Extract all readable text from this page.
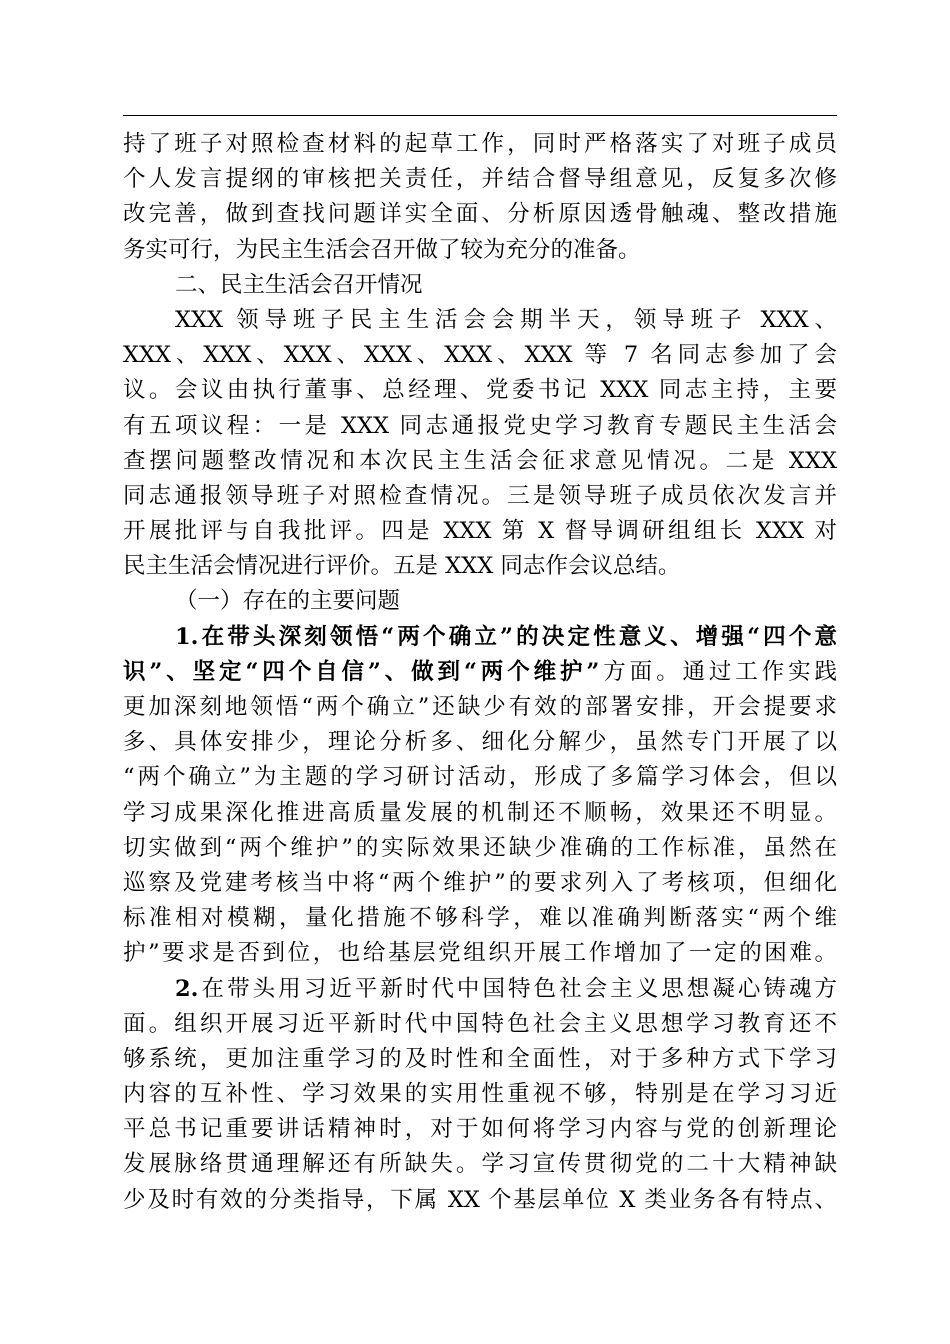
持了班子对照检查材料的起草工作，同时严格落实了对班子成员

个人发言提纲的审核把关责任，并结合督导组意见，反复多次修

改完善，做到查找问题详实全面、分析原因透骨触魂、整改措施

务实可行，为民主生活会召开做了较为充分的准备。

二、民主生活会召开情况

XXX 领导班子民主生活会会期半天，领导班子 XXX、

XXX、XXX、XXX、XXX、XXX、XXX 等 7 名同志参加了会

议。会议由执行董事、总经理、党委书记 XXX 同志主持，主要

有五项议程：一是 XXX 同志通报党史学习教育专题民主生活会

查摆问题整改情况和本次民主生活会征求意见情况。二是 XXX

同志通报领导班子对照检查情况。三是领导班子成员依次发言并

开展批评与自我批评。四是 XXX 第 X 督导调研组组长 XXX 对

民主生活会情况进行评价。五是 XXX 同志作会议总结。

（一）存在的主要问题

1.在带头深刻领悟“两个确立”的决定性意义、增强“四个意

识”、坚定“四个自信”、做到“两个维护”方面。通过工作实践

更加深刻地领悟“两个确立”还缺少有效的部署安排，开会提要求

多、具体安排少，理论分析多、细化分解少，虽然专门开展了以

“两个确立”为主题的学习研讨活动，形成了多篇学习体会，但以

学习成果深化推进高质量发展的机制还不顺畅，效果还不明显。

切实做到“两个维护”的实际效果还缺少准确的工作标准，虽然在

巡察及党建考核当中将“两个维护”的要求列入了考核项，但细化

标准相对模糊，量化措施不够科学，难以准确判断落实“两个维

护”要求是否到位，也给基层党组织开展工作增加了一定的困难。

2.在带头用习近平新时代中国特色社会主义思想凝心铸魂方

面。组织开展习近平新时代中国特色社会主义思想学习教育还不

够系统，更加注重学习的及时性和全面性，对于多种方式下学习

内容的互补性、学习效果的实用性重视不够，特别是在学习习近

平总书记重要讲话精神时，对于如何将学习内容与党的创新理论

发展脉络贯通理解还有所缺失。学习宣传贯彻党的二十大精神缺

少及时有效的分类指导，下属 XX 个基层单位 X 类业务各有特点、
